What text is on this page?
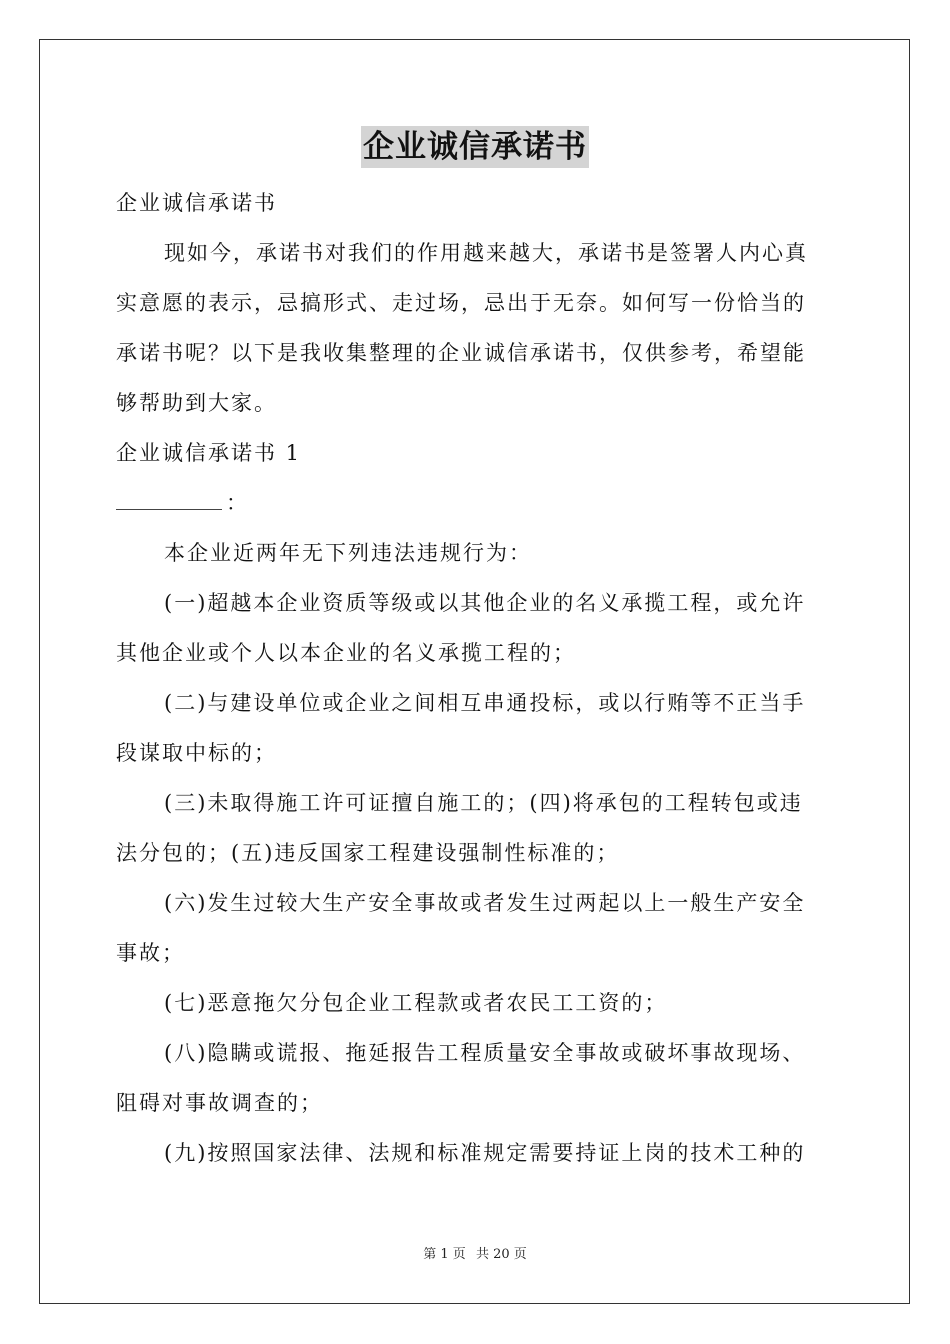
企业诚信承诺书
企业诚信承诺书
现如今，承诺书对我们的作用越来越大，承诺书是签署人内心真
实意愿的表示，忌搞形式、走过场，忌出于无奈。如何写一份恰当的
承诺书呢？以下是我收集整理的企业诚信承诺书，仅供参考，希望能
够帮助到大家。
企业诚信承诺书 1
：
本企业近两年无下列违法违规行为：
(一)超越本企业资质等级或以其他企业的名义承揽工程，或允许
其他企业或个人以本企业的名义承揽工程的；
(二)与建设单位或企业之间相互串通投标，或以行贿等不正当手
段谋取中标的；
(三)未取得施工许可证擅自施工的；(四)将承包的工程转包或违
法分包的；(五)违反国家工程建设强制性标准的；
(六)发生过较大生产安全事故或者发生过两起以上一般生产安全
事故；
(七)恶意拖欠分包企业工程款或者农民工工资的；
(八)隐瞒或谎报、拖延报告工程质量安全事故或破坏事故现场、
阻碍对事故调查的；
(九)按照国家法律、法规和标准规定需要持证上岗的技术工种的
第 1 页 共 20 页
